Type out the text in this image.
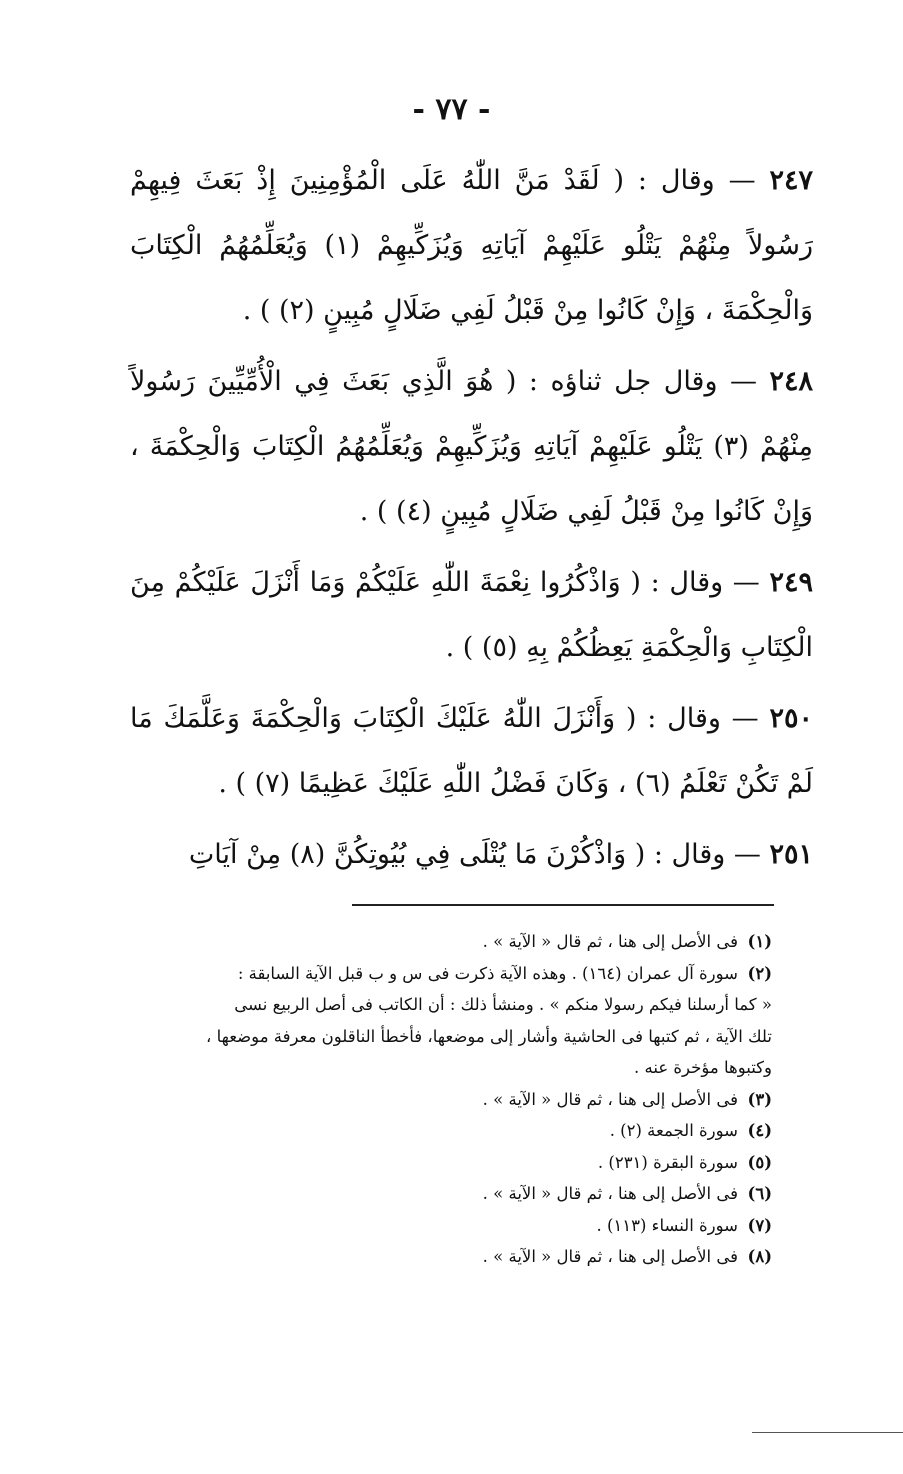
- ٧٧ -

٢٤٧ — وقال : ( لَقَدْ مَنَّ اللّٰهُ عَلَى الْمُؤْمِنِينَ إِذْ بَعَثَ فِيهِمْ رَسُولاً مِنْهُمْ يَتْلُو عَلَيْهِمْ آيَاتِهِ وَيُزَكِّيهِمْ (١) وَيُعَلِّمُهُمُ الْكِتَابَ وَالْحِكْمَةَ ، وَإِنْ كَانُوا مِنْ قَبْلُ لَفِي ضَلَالٍ مُبِينٍ (٢) ) .

٢٤٨ — وقال جل ثناؤه : ( هُوَ الَّذِي بَعَثَ فِي الْأُمِّيِّينَ رَسُولاً مِنْهُمْ (٣) يَتْلُو عَلَيْهِمْ آيَاتِهِ وَيُزَكِّيهِمْ وَيُعَلِّمُهُمُ الْكِتَابَ وَالْحِكْمَةَ ، وَإِنْ كَانُوا مِنْ قَبْلُ لَفِي ضَلَالٍ مُبِينٍ (٤) ) .

٢٤٩ — وقال : ( وَاذْكُرُوا نِعْمَةَ اللّٰهِ عَلَيْكُمْ وَمَا أَنْزَلَ عَلَيْكُمْ مِنَ الْكِتَابِ وَالْحِكْمَةِ يَعِظُكُمْ بِهِ (٥) ) .

٢٥٠ — وقال : ( وَأَنْزَلَ اللّٰهُ عَلَيْكَ الْكِتَابَ وَالْحِكْمَةَ وَعَلَّمَكَ مَا لَمْ تَكُنْ تَعْلَمُ (٦) ، وَكَانَ فَضْلُ اللّٰهِ عَلَيْكَ عَظِيمًا (٧) ) .

٢٥١ — وقال : ( وَاذْكُرْنَ مَا يُتْلَى فِي بُيُوتِكُنَّ (٨) مِنْ آيَاتِ

(١)فى الأصل إلى هنا ، ثم قال « الآية » .

(٢)سورة آل عمران (١٦٤) . وهذه الآية ذكرت فى س و ب قبل الآية السابقة :

« كما أرسلنا فيكم رسولا منكم » . ومنشأ ذلك : أن الكاتب فى أصل الربيع نسى

تلك الآية ، ثم كتبها فى الحاشية وأشار إلى موضعها، فأخطأ الناقلون معرفة موضعها ،

وكتبوها مؤخرة عنه .

(٣)فى الأصل إلى هنا ، ثم قال « الآية » .

(٤)سورة الجمعة (٢) .

(٥)سورة البقرة (٢٣١) .

(٦)فى الأصل إلى هنا ، ثم قال « الآية » .

(٧)سورة النساء (١١٣) .

(٨)فى الأصل إلى هنا ، ثم قال « الآية » .
